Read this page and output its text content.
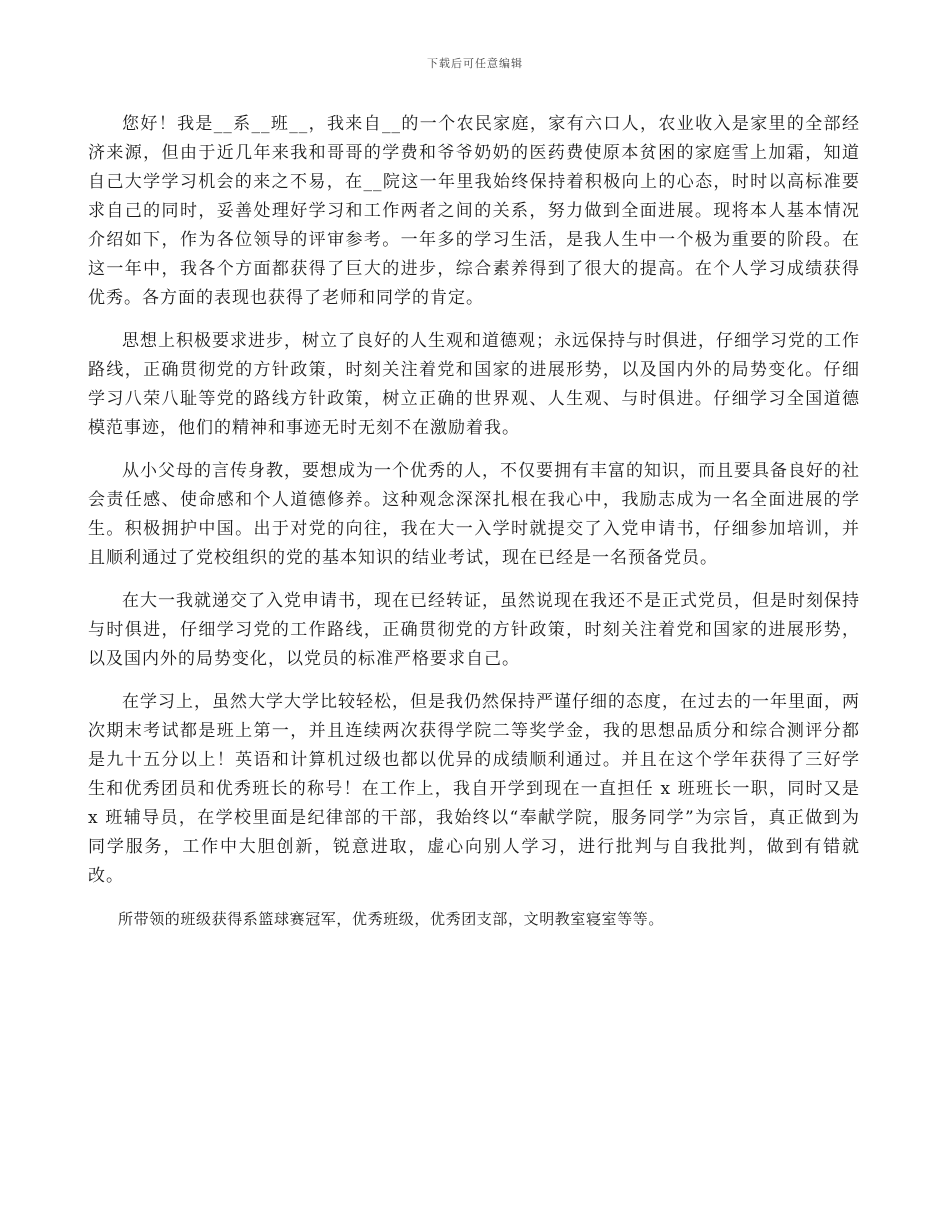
下载后可任意编辑

您好！我是__系__班__，我来自__的一个农民家庭，家有六口人，农业收入是家里的全部经济来源，但由于近几年来我和哥哥的学费和爷爷奶奶的医药费使原本贫困的家庭雪上加霜，知道自己大学学习机会的来之不易，在__院这一年里我始终保持着积极向上的心态，时时以高标准要求自己的同时，妥善处理好学习和工作两者之间的关系，努力做到全面进展。现将本人基本情况介绍如下，作为各位领导的评审参考。一年多的学习生活，是我人生中一个极为重要的阶段。在这一年中，我各个方面都获得了巨大的进步，综合素养得到了很大的提高。在个人学习成绩获得优秀。各方面的表现也获得了老师和同学的肯定。

思想上积极要求进步，树立了良好的人生观和道德观；永远保持与时俱进，仔细学习党的工作路线，正确贯彻党的方针政策，时刻关注着党和国家的进展形势，以及国内外的局势变化。仔细学习八荣八耻等党的路线方针政策，树立正确的世界观、人生观、与时俱进。仔细学习全国道德模范事迹，他们的精神和事迹无时无刻不在激励着我。

从小父母的言传身教，要想成为一个优秀的人，不仅要拥有丰富的知识，而且要具备良好的社会责任感、使命感和个人道德修养。这种观念深深扎根在我心中，我励志成为一名全面进展的学生。积极拥护中国。出于对党的向往，我在大一入学时就提交了入党申请书，仔细参加培训，并且顺利通过了党校组织的党的基本知识的结业考试，现在已经是一名预备党员。

在大一我就递交了入党申请书，现在已经转证，虽然说现在我还不是正式党员，但是时刻保持与时俱进，仔细学习党的工作路线，正确贯彻党的方针政策，时刻关注着党和国家的进展形势，以及国内外的局势变化，以党员的标准严格要求自己。

在学习上，虽然大学大学比较轻松，但是我仍然保持严谨仔细的态度，在过去的一年里面，两次期末考试都是班上第一，并且连续两次获得学院二等奖学金，我的思想品质分和综合测评分都是九十五分以上！英语和计算机过级也都以优异的成绩顺利通过。并且在这个学年获得了三好学生和优秀团员和优秀班长的称号！在工作上，我自开学到现在一直担任 x 班班长一职，同时又是 x 班辅导员，在学校里面是纪律部的干部，我始终以“奉献学院，服务同学”为宗旨，真正做到为同学服务，工作中大胆创新，锐意进取，虚心向别人学习，进行批判与自我批判，做到有错就改。

所带领的班级获得系篮球赛冠军，优秀班级，优秀团支部，文明教室寝室等等。
